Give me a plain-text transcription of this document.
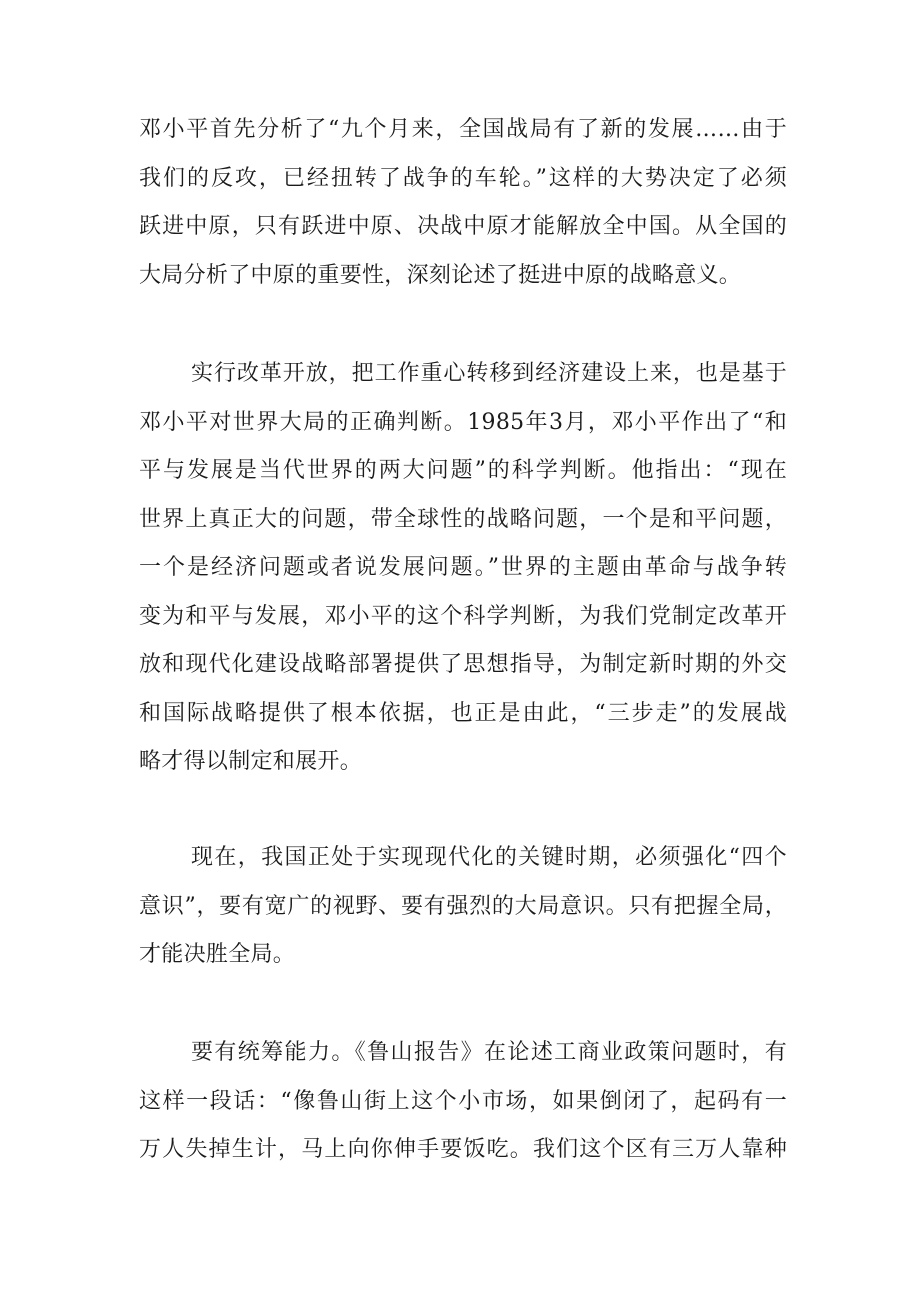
邓小平首先分析了“九个月来，全国战局有了新的发展……由于
我们的反攻，已经扭转了战争的车轮。”这样的大势决定了必须
跃进中原，只有跃进中原、决战中原才能解放全中国。从全国的
大局分析了中原的重要性，深刻论述了挺进中原的战略意义。

实行改革开放，把工作重心转移到经济建设上来，也是基于
邓小平对世界大局的正确判断。1985年3月，邓小平作出了“和
平与发展是当代世界的两大问题”的科学判断。他指出：“现在
世界上真正大的问题，带全球性的战略问题，一个是和平问题，
一个是经济问题或者说发展问题。”世界的主题由革命与战争转
变为和平与发展，邓小平的这个科学判断，为我们党制定改革开
放和现代化建设战略部署提供了思想指导，为制定新时期的外交
和国际战略提供了根本依据，也正是由此，“三步走”的发展战
略才得以制定和展开。

现在，我国正处于实现现代化的关键时期，必须强化“四个
意识”，要有宽广的视野、要有强烈的大局意识。只有把握全局，
才能决胜全局。

要有统筹能力。《鲁山报告》在论述工商业政策问题时，有
这样一段话：“像鲁山街上这个小市场，如果倒闭了，起码有一
万人失掉生计，马上向你伸手要饭吃。我们这个区有三万人靠种
